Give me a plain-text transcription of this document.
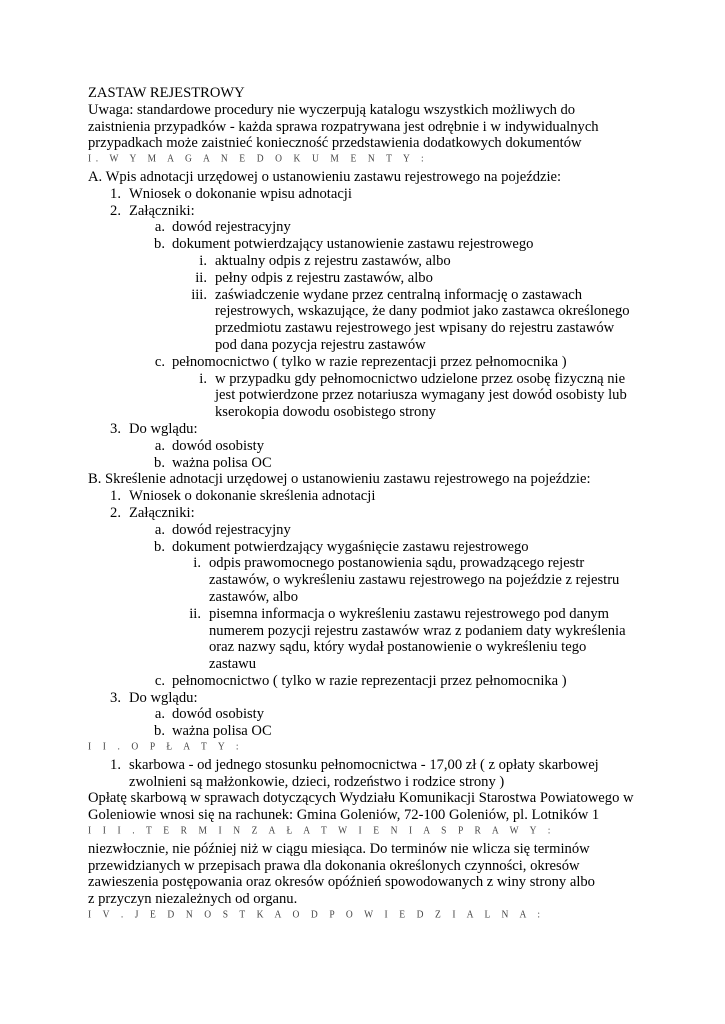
ZASTAW REJESTROWY
Uwaga: standardowe procedury nie wyczerpują katalogu wszystkich możliwych do
zaistnienia przypadków - każda sprawa rozpatrywana jest odrębnie i w indywidualnych
przypadkach może zaistnieć konieczność przedstawienia dodatkowych dokumentów
I. W Y M A G A N E D O K U M E N T Y :
A. Wpis adnotacji urzędowej o ustanowieniu zastawu rejestrowego na pojeździe:
1. Wniosek o dokonanie wpisu adnotacji
2. Załączniki:
a. dowód rejestracyjny
b. dokument potwierdzający ustanowienie zastawu rejestrowego
i. aktualny odpis z rejestru zastawów, albo
ii. pełny odpis z rejestru zastawów, albo
iii. zaświadczenie wydane przez centralną informację o zastawach
rejestrowych, wskazujące, że dany podmiot jako zastawca określonego
przedmiotu zastawu rejestrowego jest wpisany do rejestru zastawów
pod dana pozycja rejestru zastawów
c. pełnomocnictwo ( tylko w razie reprezentacji przez pełnomocnika )
i. w przypadku gdy pełnomocnictwo udzielone przez osobę fizyczną nie
jest potwierdzone przez notariusza wymagany jest dowód osobisty lub
kserokopia dowodu osobistego strony
3. Do wglądu:
a. dowód osobisty
b. ważna polisa OC
B. Skreślenie adnotacji urzędowej o ustanowieniu zastawu rejestrowego na pojeździe:
1. Wniosek o dokonanie skreślenia adnotacji
2. Załączniki:
a. dowód rejestracyjny
b. dokument potwierdzający wygaśnięcie zastawu rejestrowego
i. odpis prawomocnego postanowienia sądu, prowadzącego rejestr
zastawów, o wykreśleniu zastawu rejestrowego na pojeździe z rejestru
zastawów, albo
ii. pisemna informacja o wykreśleniu zastawu rejestrowego pod danym
numerem pozycji rejestru zastawów wraz z podaniem daty wykreślenia
oraz nazwy sądu, który wydał postanowienie o wykreśleniu tego
zastawu
c. pełnomocnictwo ( tylko w razie reprezentacji przez pełnomocnika )
3. Do wglądu:
a. dowód osobisty
b. ważna polisa OC
I I . O P Ł A T Y :
1. skarbowa - od jednego stosunku pełnomocnictwa - 17,00 zł ( z opłaty skarbowej
zwolnieni są małżonkowie, dzieci, rodzeństwo i rodzice strony )
Opłatę skarbową w sprawach dotyczących Wydziału Komunikacji Starostwa Powiatowego w
Goleniowie wnosi się na rachunek: Gmina Goleniów, 72-100 Goleniów, pl. Lotników 1
I I I . T E R M I N Z A Ł A T W I E N I A S P R A W Y :
niezwłocznie, nie później niż w ciągu miesiąca. Do terminów nie wlicza się terminów
przewidzianych w przepisach prawa dla dokonania określonych czynności, okresów
zawieszenia postępowania oraz okresów opóźnień spowodowanych z winy strony albo
z przyczyn niezależnych od organu.
I V . J E D N O S T K A O D P O W I E D Z I A L N A :
